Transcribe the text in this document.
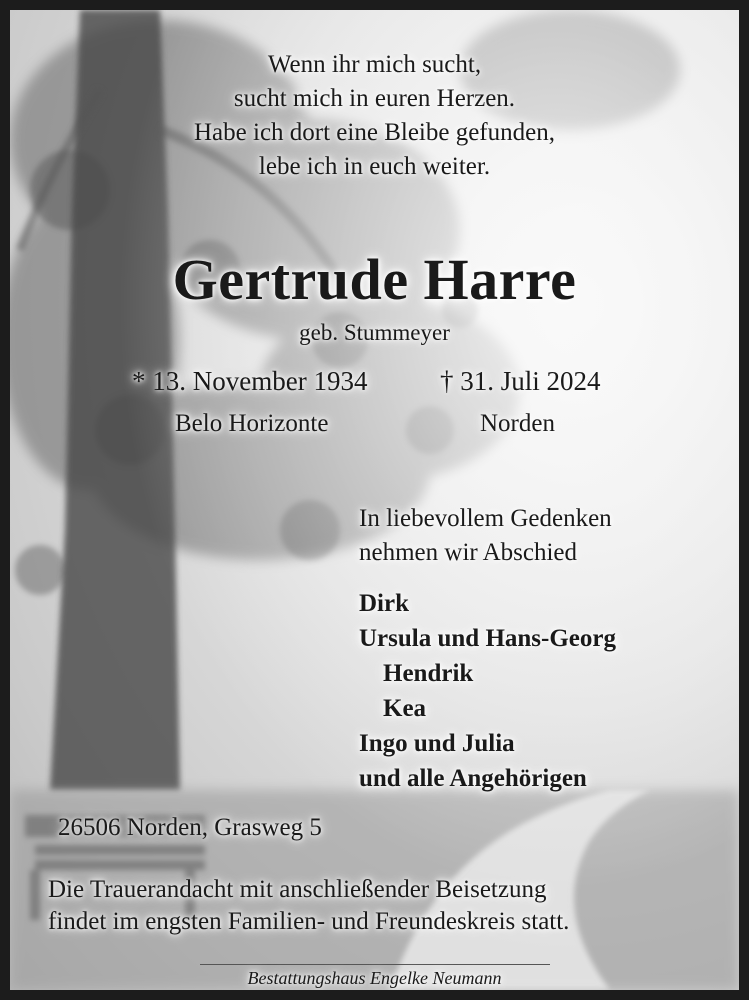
Wenn ihr mich sucht,
sucht mich in euren Herzen.
Habe ich dort eine Bleibe gefunden,
lebe ich in euch weiter.
Gertrude Harre
geb. Stummeyer
* 13. November 1934	† 31. Juli 2024
Belo Horizonte	Norden
In liebevollem Gedenken
nehmen wir Abschied
Dirk
Ursula und Hans-Georg
Hendrik
Kea
Ingo und Julia
und alle Angehörigen
26506 Norden, Grasweg 5
Die Trauerandacht mit anschließender Beisetzung
findet im engsten Familien- und Freundeskreis statt.
Bestattungshaus Engelke Neumann
